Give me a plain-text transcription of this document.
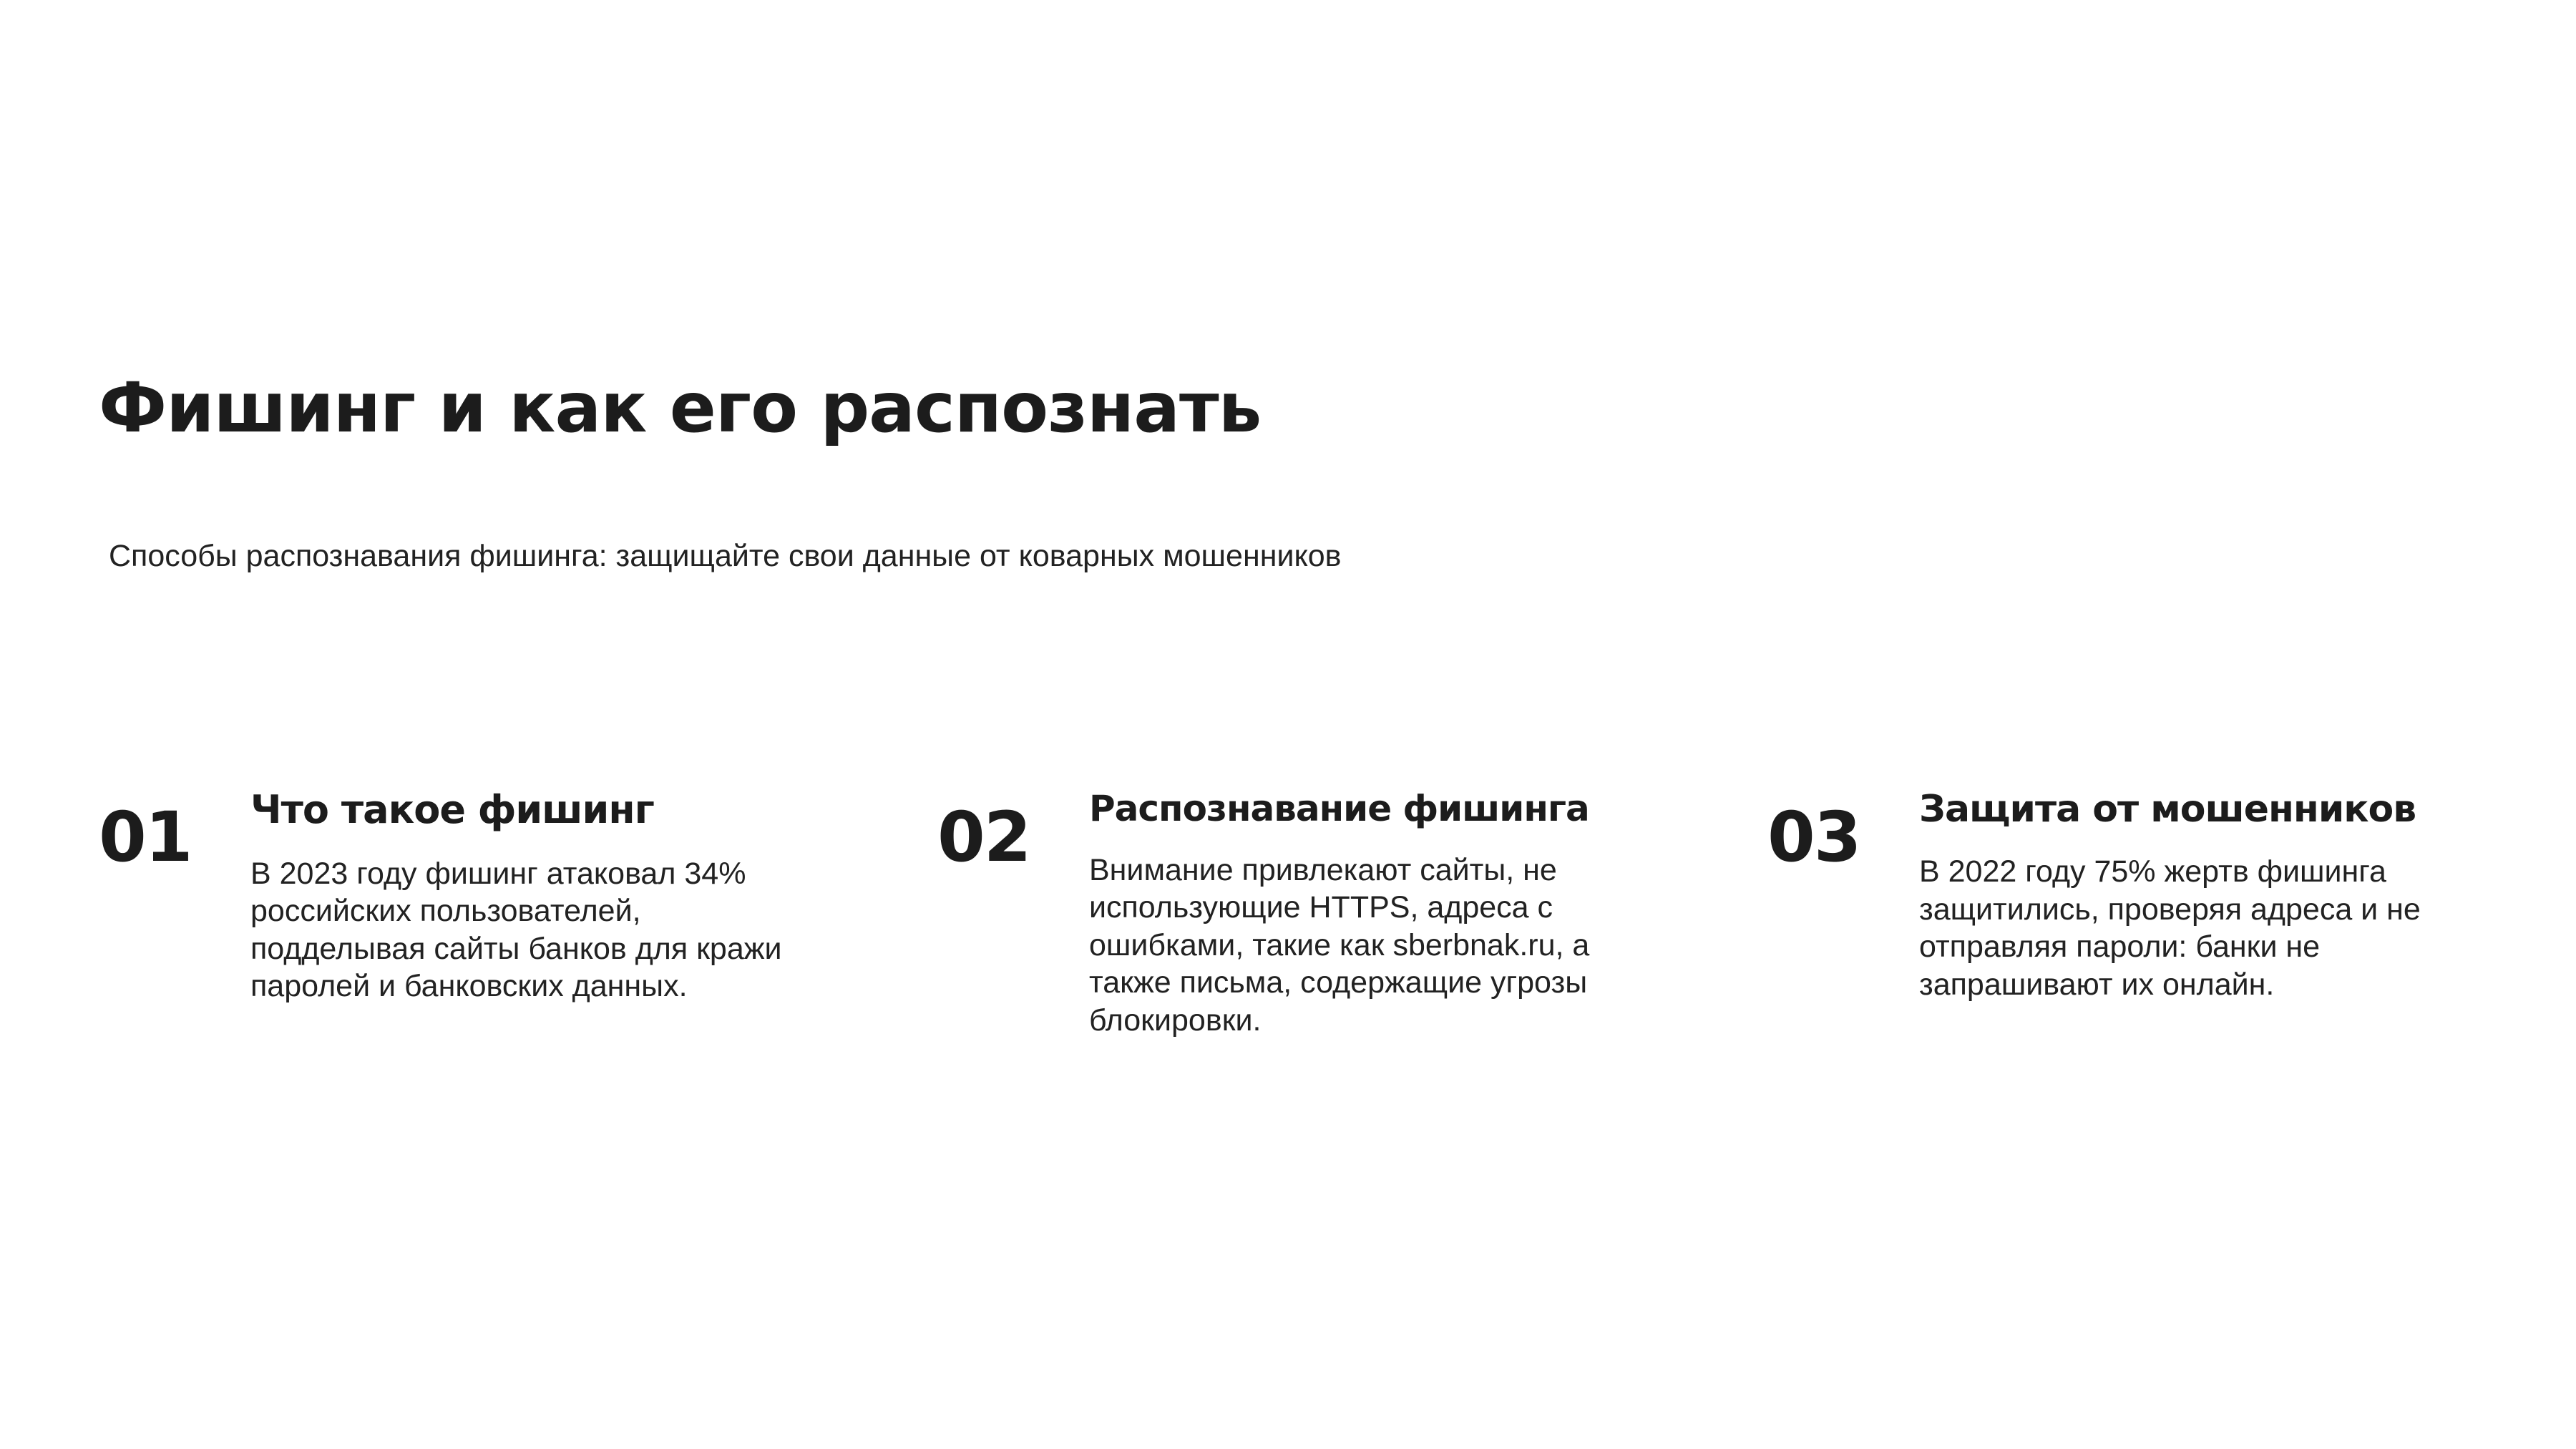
Фишинг и как его распознать

Способы распознавания фишинга: защищайте свои данные от коварных мошенников

01	Что такое фишинг

В 2023 году фишинг атаковал 34% российских пользователей, подделывая сайты банков для кражи паролей и банковских данных.

02	Распознавание фишинга

Внимание привлекают сайты, не использующие HTTPS, адреса с ошибками, такие как sberbnak.ru, а также письма, содержащие угрозы блокировки.

03	Защита от мошенников

В 2022 году 75% жертв фишинга защитились, проверяя адреса и не отправляя пароли: банки не запрашивают их онлайн.
